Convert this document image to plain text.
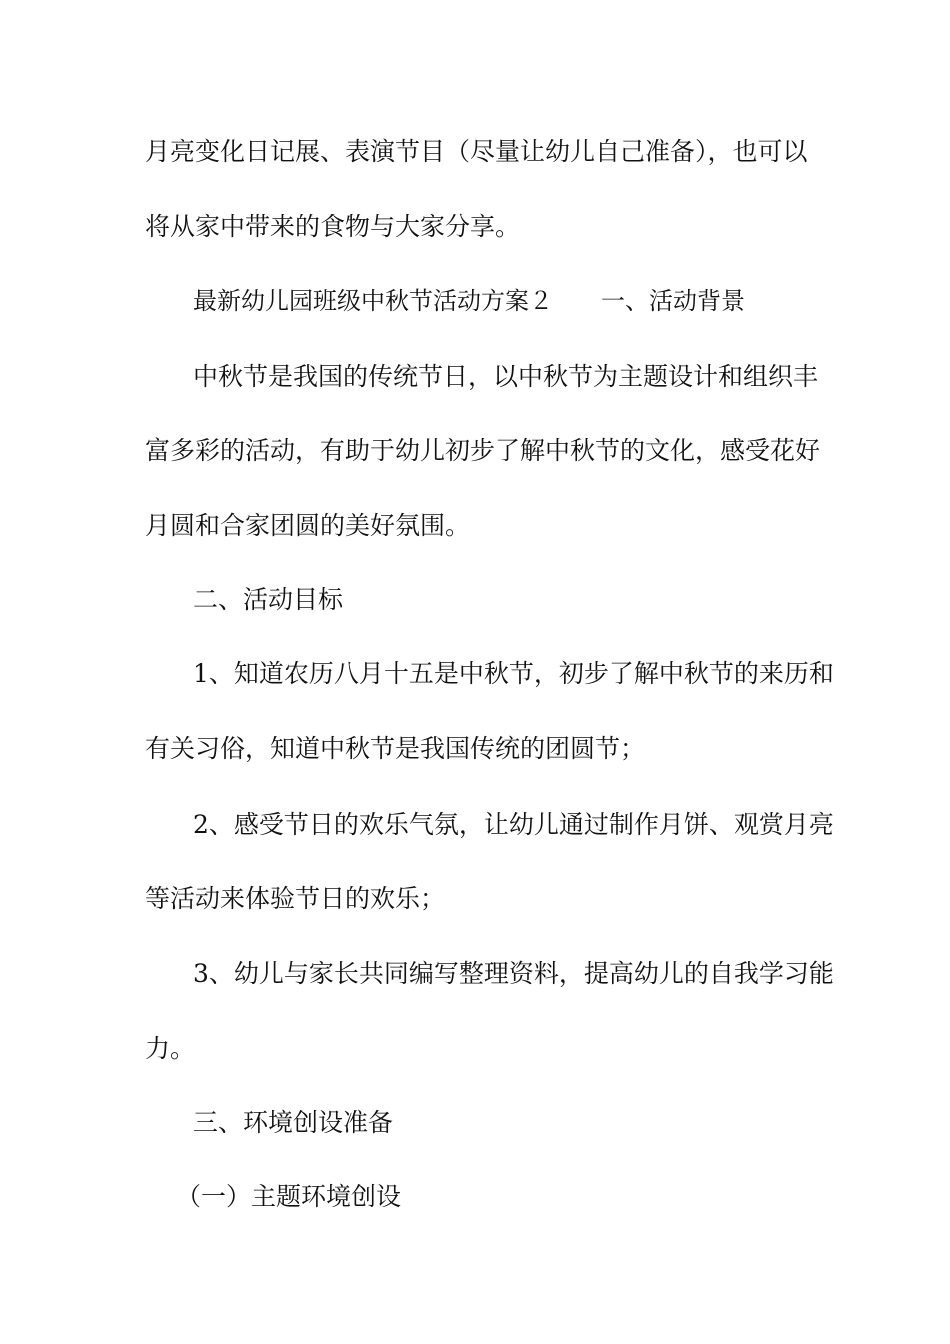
月亮变化日记展、表演节目（尽量让幼儿自己准备），也可以
将从家中带来的食物与大家分享。
最新幼儿园班级中秋节活动方案２ 一、活动背景
中秋节是我国的传统节日，以中秋节为主题设计和组织丰
富多彩的活动，有助于幼儿初步了解中秋节的文化，感受花好
月圆和合家团圆的美好氛围。
二、活动目标
1、知道农历八月十五是中秋节，初步了解中秋节的来历和
有关习俗，知道中秋节是我国传统的团圆节；
2、感受节日的欢乐气氛，让幼儿通过制作月饼、观赏月亮
等活动来体验节日的欢乐；
3、幼儿与家长共同编写整理资料，提高幼儿的自我学习能
力。
三、环境创设准备
（一）主题环境创设
